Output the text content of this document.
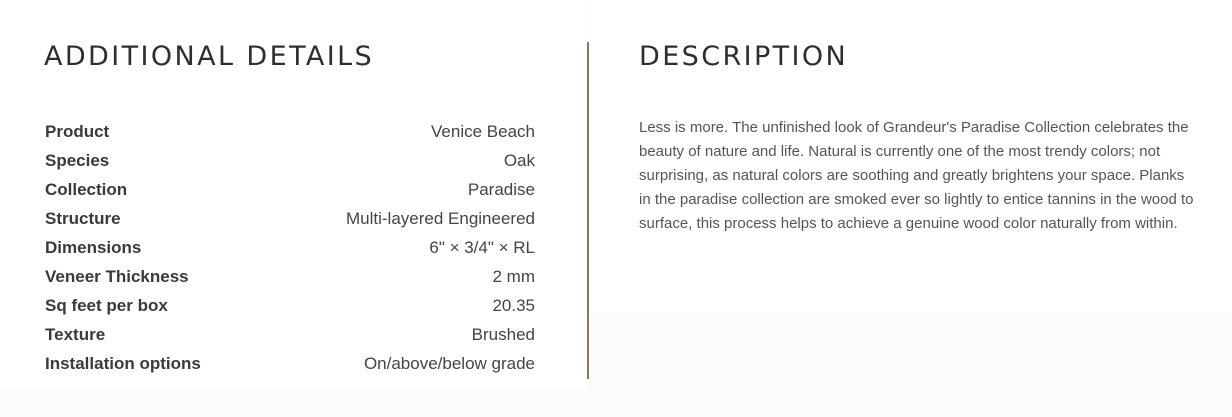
ADDITIONAL DETAILS
Product	Venice Beach
Species	Oak
Collection	Paradise
Structure	Multi-layered Engineered
Dimensions	6" × 3/4" × RL
Veneer Thickness	2 mm
Sq feet per box	20.35
Texture	Brushed
Installation options	On/above/below grade
DESCRIPTION

Less is more. The unfinished look of Grandeur's Paradise Collection celebrates the beauty of nature and life. Natural is currently one of the most trendy colors; not surprising, as natural colors are soothing and greatly brightens your space. Planks in the paradise collection are smoked ever so lightly to entice tannins in the wood to surface, this process helps to achieve a genuine wood color naturally from within.
